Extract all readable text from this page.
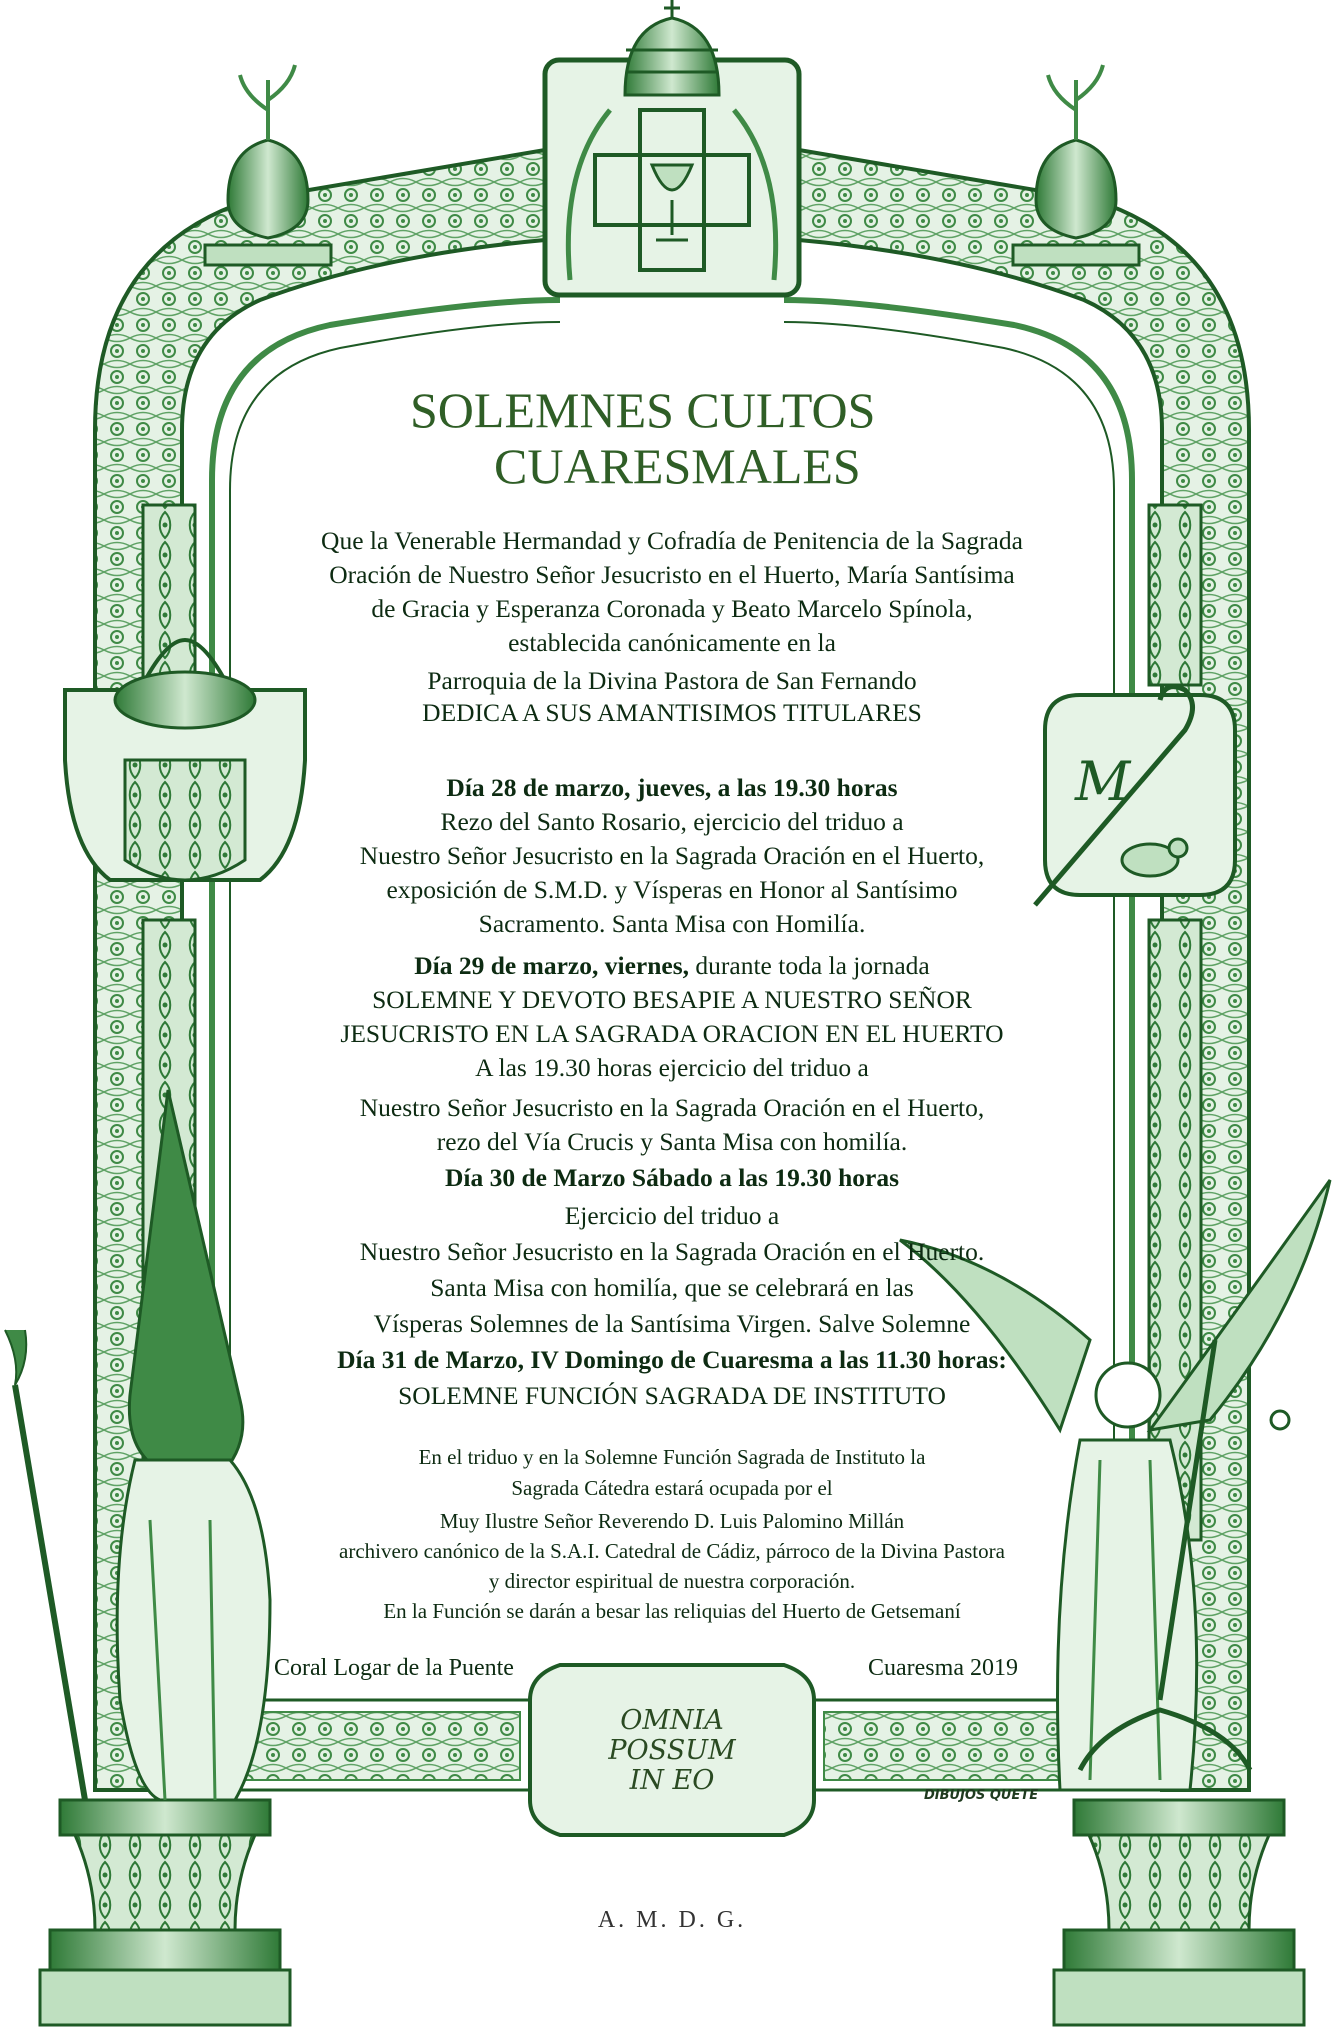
M
SOLEMNES CULTOS
CUARESMALES
Que la Venerable Hermandad y Cofradía de Penitencia de la Sagrada
Oración de Nuestro Señor Jesucristo en el Huerto, María Santísima
de Gracia y Esperanza Coronada y Beato Marcelo Spínola,
establecida canónicamente en la
Parroquia de la Divina Pastora de San Fernando
DEDICA A SUS AMANTISIMOS TITULARES
Día 28 de marzo, jueves, a las 19.30 horas
Rezo del Santo Rosario, ejercicio del triduo a
Nuestro Señor Jesucristo en la Sagrada Oración en el Huerto,
exposición de S.M.D. y Vísperas en Honor al Santísimo
Sacramento. Santa Misa con Homilía.
Día 29 de marzo, viernes, durante toda la jornada
SOLEMNE Y DEVOTO BESAPIE A NUESTRO SEÑOR
JESUCRISTO EN LA SAGRADA ORACION EN EL HUERTO
A las 19.30 horas ejercicio del triduo a
Nuestro Señor Jesucristo en la Sagrada Oración en el Huerto,
rezo del Vía Crucis y Santa Misa con homilía.
Día 30 de Marzo Sábado a las 19.30 horas
Ejercicio del triduo a
Nuestro Señor Jesucristo en la Sagrada Oración en el Huerto.
Santa Misa con homilía, que se celebrará en las
Vísperas Solemnes de la Santísima Virgen. Salve Solemne
Día 31 de Marzo, IV Domingo de Cuaresma a las 11.30 horas:
SOLEMNE FUNCIÓN SAGRADA DE INSTITUTO
En el triduo y en la Solemne Función Sagrada de Instituto la
Sagrada Cátedra estará ocupada por el
Muy Ilustre Señor Reverendo D. Luis Palomino Millán
archivero canónico de la S.A.I. Catedral de Cádiz, párroco de la Divina Pastora
y director espiritual de nuestra corporación.
En la Función se darán a besar las reliquias del Huerto de Getsemaní
Coral Logar de la Puente	Cuaresma 2019
OMNIA
POSSUM
IN EO	DIBUJOS QUETE
A. M. D. G.
